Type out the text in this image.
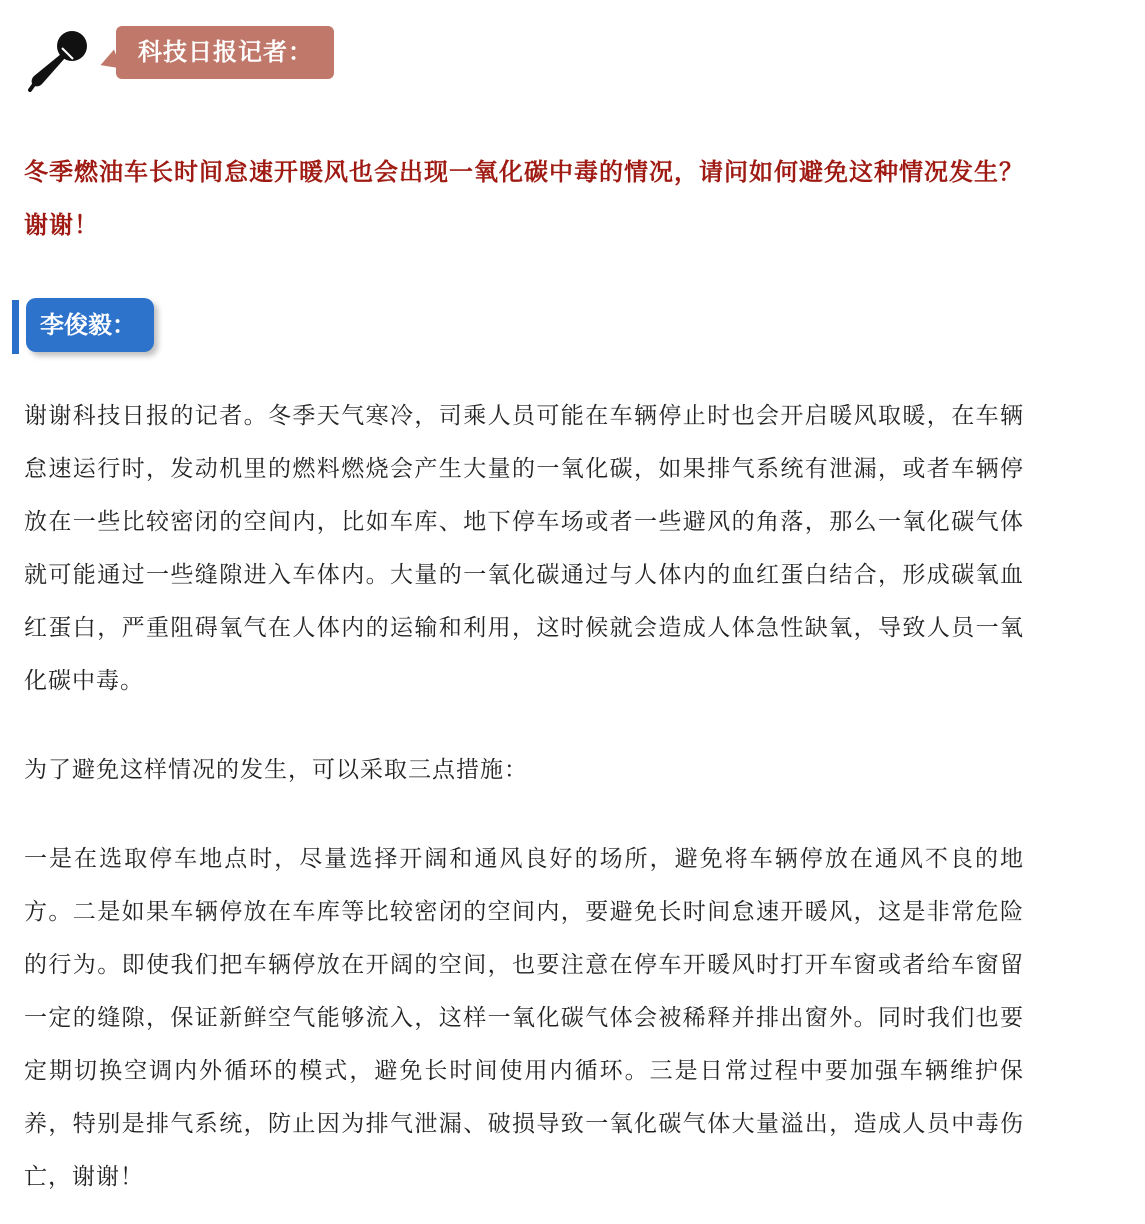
科技日报记者：
冬季燃油车长时间怠速开暖风也会出现一氧化碳中毒的情况，请问如何避免这种情况发生？谢谢！
李俊毅：
谢谢科技日报的记者。冬季天气寒冷，司乘人员可能在车辆停止时也会开启暖风取暖，在车辆怠速运行时，发动机里的燃料燃烧会产生大量的一氧化碳，如果排气系统有泄漏，或者车辆停放在一些比较密闭的空间内，比如车库、地下停车场或者一些避风的角落，那么一氧化碳气体就可能通过一些缝隙进入车体内。大量的一氧化碳通过与人体内的血红蛋白结合，形成碳氧血红蛋白，严重阻碍氧气在人体内的运输和利用，这时候就会造成人体急性缺氧，导致人员一氧化碳中毒。
为了避免这样情况的发生，可以采取三点措施：
一是在选取停车地点时，尽量选择开阔和通风良好的场所，避免将车辆停放在通风不良的地方。二是如果车辆停放在车库等比较密闭的空间内，要避免长时间怠速开暖风，这是非常危险的行为。即使我们把车辆停放在开阔的空间，也要注意在停车开暖风时打开车窗或者给车窗留一定的缝隙，保证新鲜空气能够流入，这样一氧化碳气体会被稀释并排出窗外。同时我们也要定期切换空调内外循环的模式，避免长时间使用内循环。三是日常过程中要加强车辆维护保养，特别是排气系统，防止因为排气泄漏、破损导致一氧化碳气体大量溢出，造成人员中毒伤亡，谢谢！
